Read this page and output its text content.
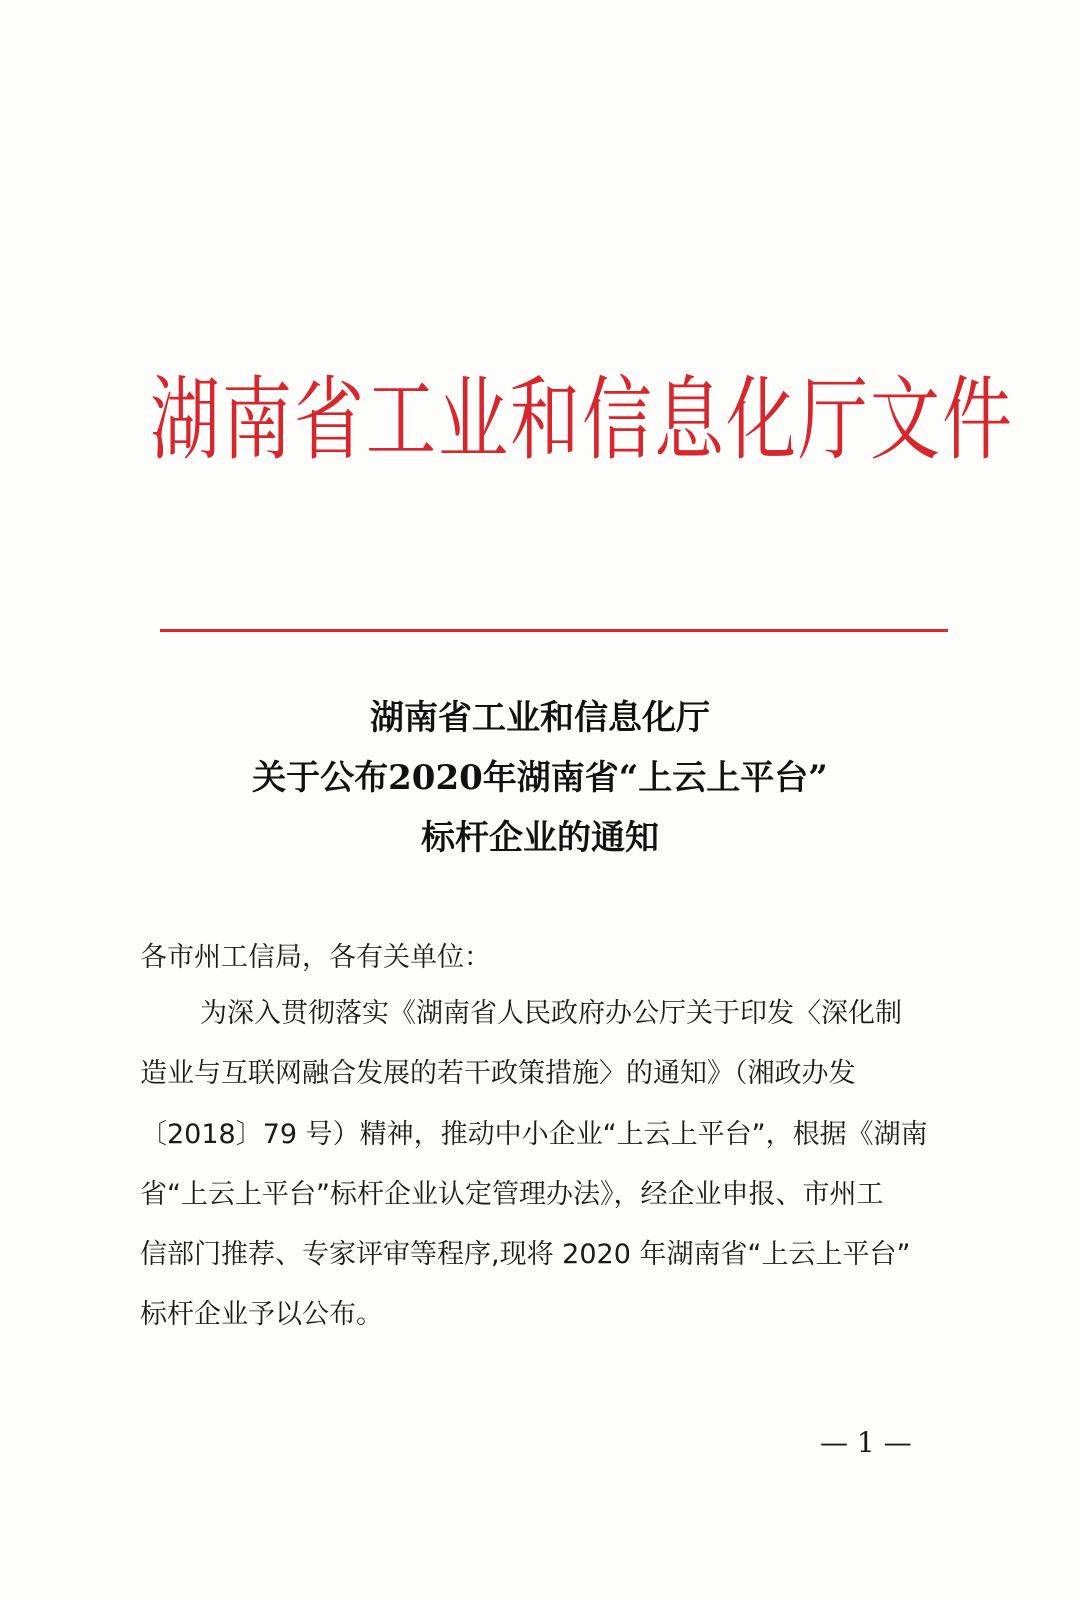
湖南省工业和信息化厅文件
湖南省工业和信息化厅
关于公布2020年湖南省“上云上平台”
标杆企业的通知
各市州工信局，各有关单位：
为深入贯彻落实《湖南省人民政府办公厅关于印发〈深化制
造业与互联网融合发展的若干政策措施〉的通知》（湘政办发
〔2018〕79 号）精神，推动中小企业“上云上平台”，根据《湖南
省“上云上平台”标杆企业认定管理办法》，经企业申报、市州工
信部门推荐、专家评审等程序,现将 2020 年湖南省“上云上平台”
标杆企业予以公布。
— 1 —
